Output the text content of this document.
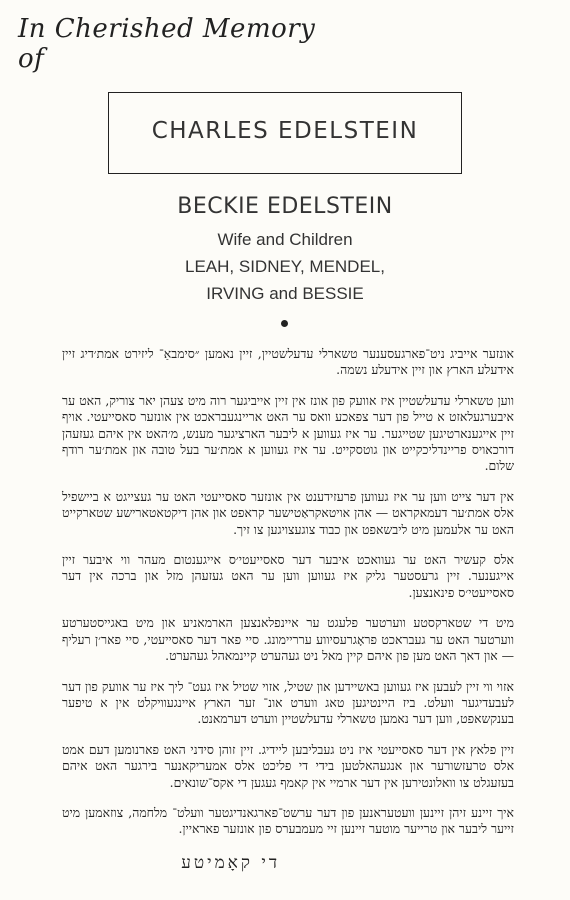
In Cherished Memory of
CHARLES EDELSTEIN
BECKIE EDELSTEIN
Wife and Children
LEAH, SIDNEY, MENDEL,
IRVING and BESSIE

אונזער אייביג ניט־פארגעסענער טשארלי עדעלשטיין, זיין נאמען ״סימבאַ־ ליזירט אמת׳דיג זיין אידעלע הארץ און זיין אידעלע נשמה.

ווען טשארלי עדעלשטיין איז אוועק פון אונז אין זיין אייביגער רוה מיט צעהן יאר צוריק, האט ער איבערגעלאזט א טייל פון דער צפאכע וואס ער האט אריינגעבראכט אין אונזער סאסייעטי. אויף זיין אייגענארטיגען שטייגער. ער איז געווען א ליבער הארציגער מענש, מ׳האט אין איהם געזעהן דורכאויס פריינדליכקייט און גוטסקייט. ער איז געווען א אמת׳ער בעל טובה און אמת׳ער רודף שלום.

אין דער צייט ווען ער איז געווען פרעזידענט אין אונזער סאסייעטי האט ער געצייגט א ביישפיל אלס אמת׳ער דעמאקראט — אהן אויטאקראַטישער קראפט און אהן דיקטאטארישע שטארקייט האט ער אלעמען מיט ליבשאפט און כבוד צוגעצויגען צו זיך.

אלס קעשיר האט ער געוואכט איבער דער סאסייעטי׳ס אייגענטום מעהר ווי איבער זיין אייגענער. זיין גרעסטער גליק איז געווען ווען ער האט געזעהן מזל און ברכה אין דער סאסייעטי׳ס פינאנצען.

מיט די שטארקסטע ווערטער פלעגט ער איינפלאנצען הארמאניע און מיט באגייסטערטע ווערטער האט ער געבראכט פראָגרעסיווע ערריימונג. סיי פאר דער סאסייעטי, סיי פאר׳ן רעליף — און דאך האט מען פון איהם קיין מאל ניט געהערט קיינמאהל געהערט.

אזוי ווי זיין לעבען איז געווען באשיידען און שטיל, אזוי שטיל איז געט־ ליך איז ער אוועק פון דער לעבעדיגער וועלט. ביז היינטיגען טאג ווערט אונ־ זער הארץ איינגעוויקלט אין א טיפער בענקשאפט, ווען דער נאמען טשארלי עדעלשטיין ווערט דערמאנט.

זיין פלאץ אין דער סאסייעטי איז ניט געבליבען ליידיג. זיין זוהן סידני האט פארנומען דעם אמט אלס טרעזשורער און אנגעהאלטען בידי די פליכט אלס אמעריקאנער בירגער האט איהם בעזעגלט צו וואלונטירען אין דער ארמיי אין קאמף געגען די אקס־שונאים.

איך זיינע זיהן זיינען וועטעראנען פון דער ערשט־פארגאנדיגטער וועלט־ מלחמה, צוזאמען מיט זייער ליבער און טרייער מוטער זיינען זיי מעמבערס פון אונזער פאראיין.

די קאָמיטע
